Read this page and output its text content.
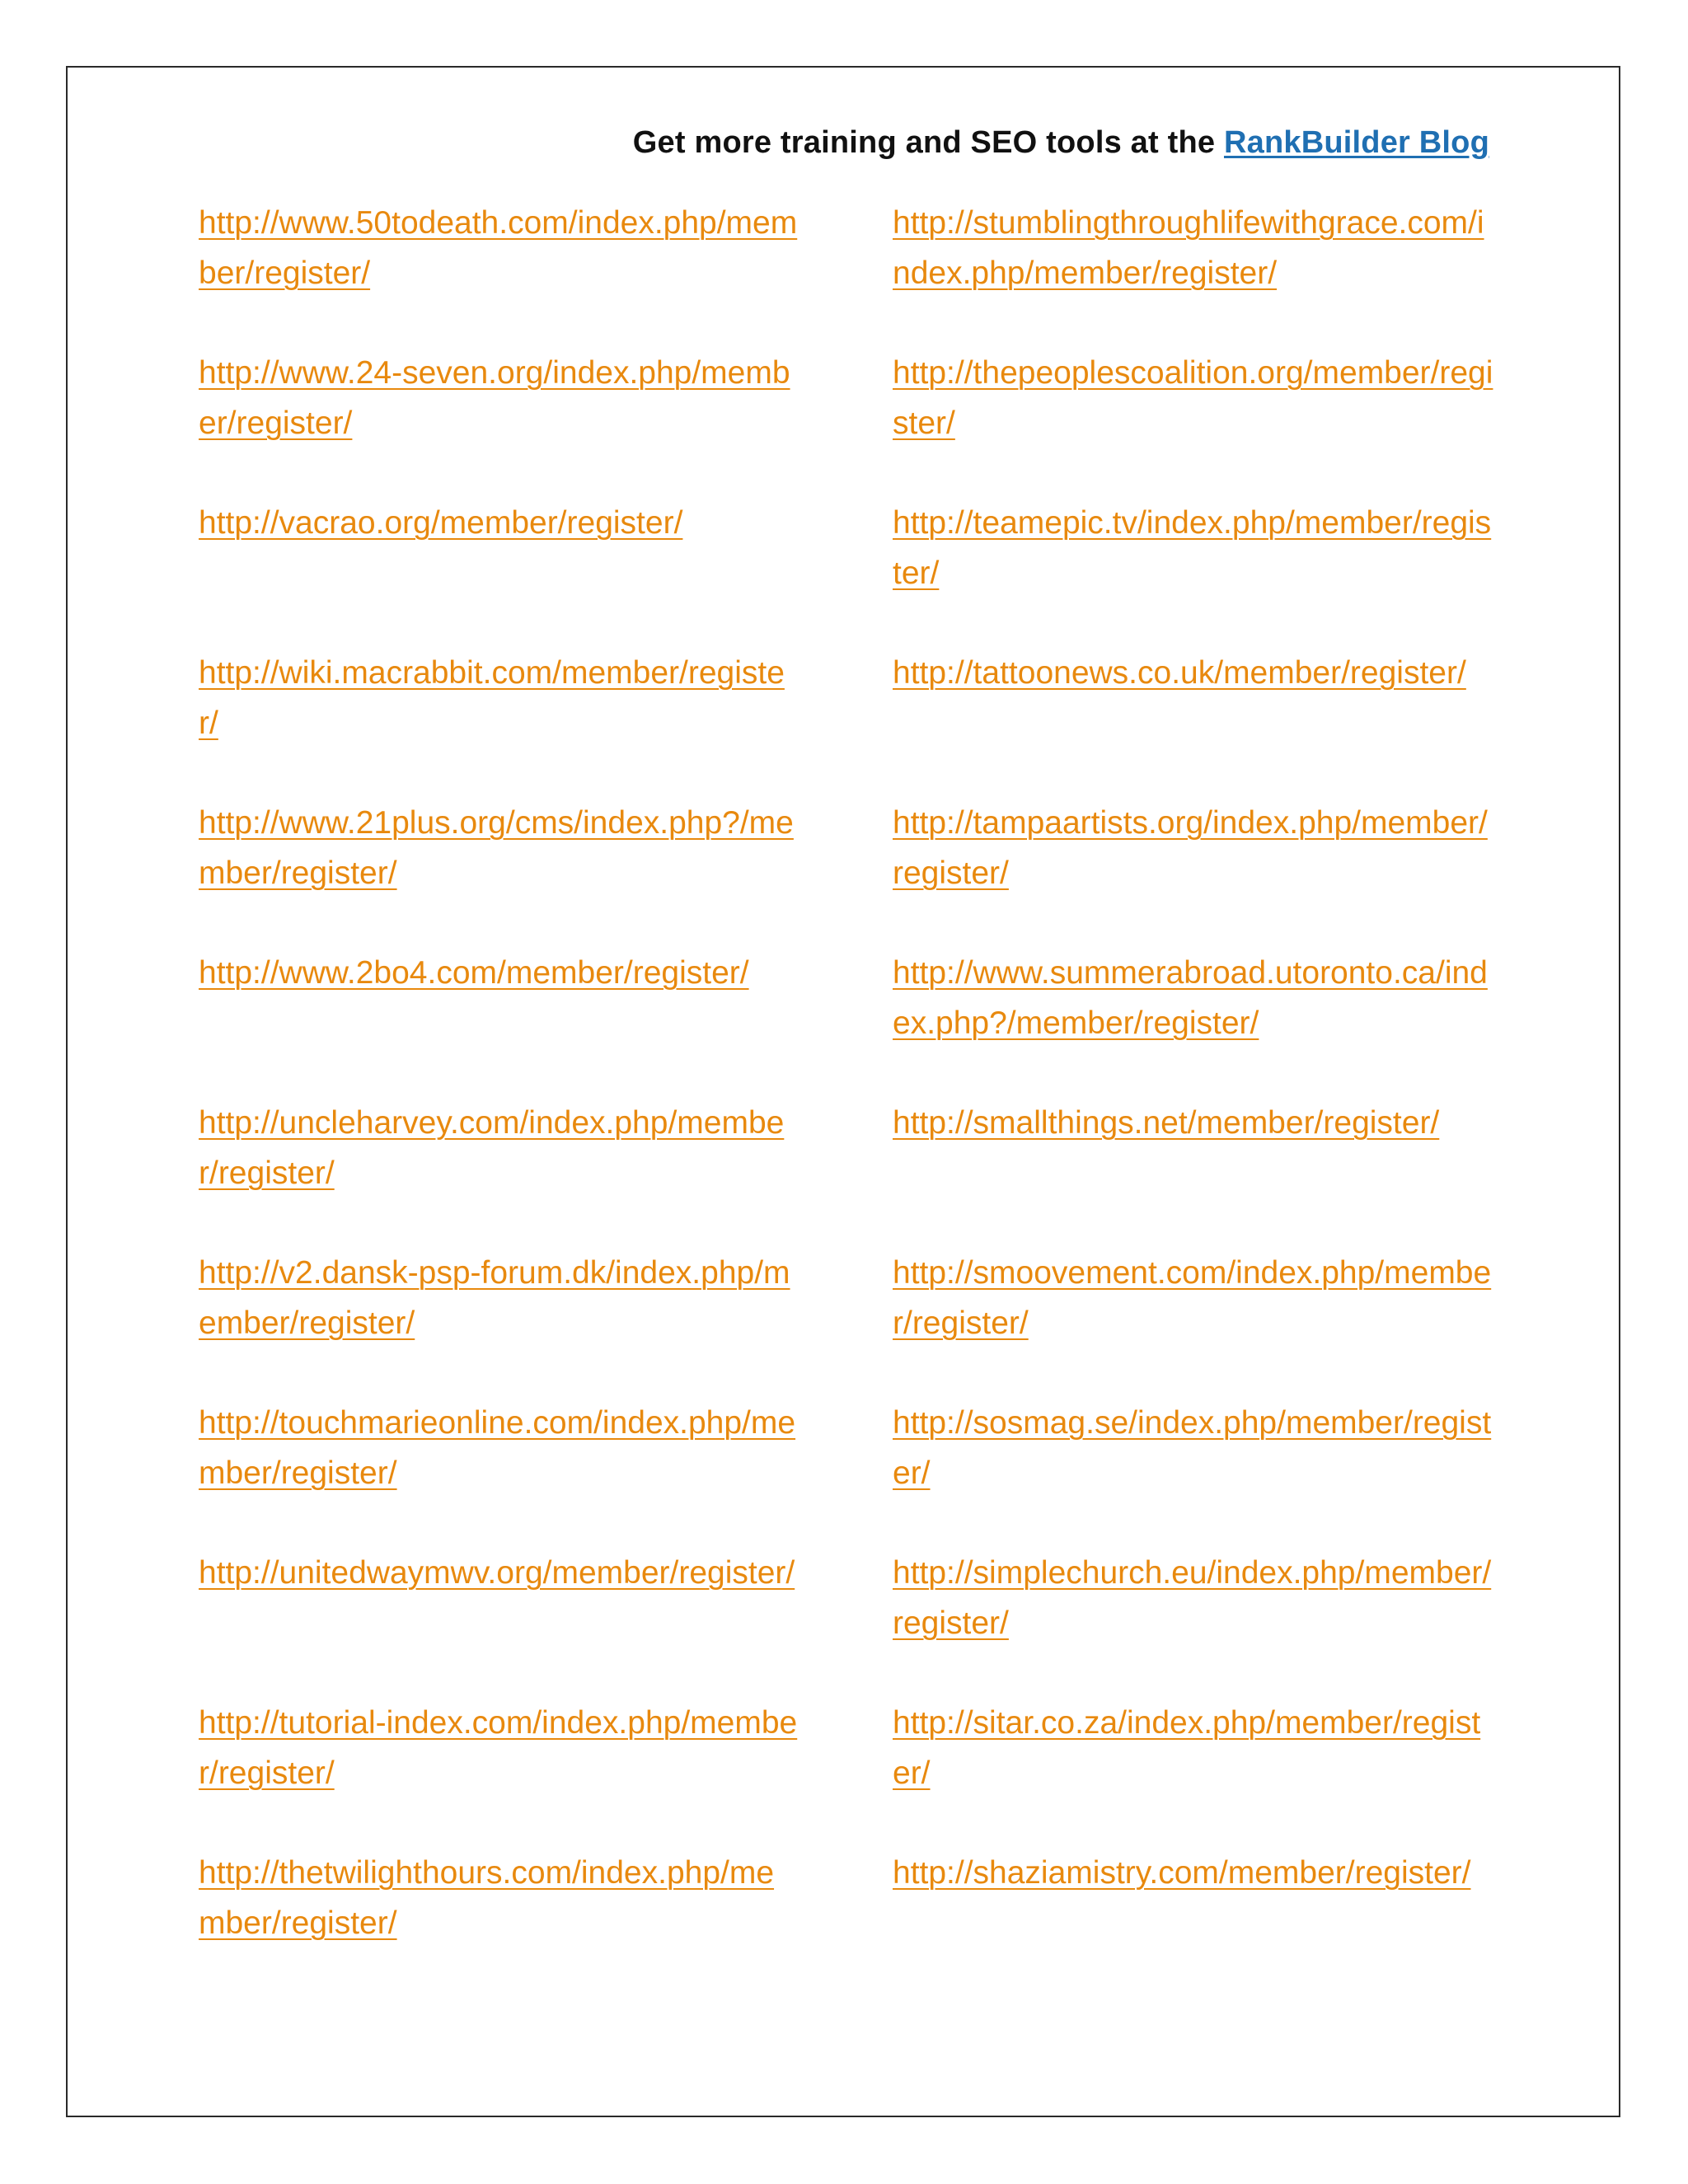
Get more training and SEO tools at the RankBuilder Blog
http://www.50todeath.com/index.php/member/register/
http://www.24-seven.org/index.php/member/register/
http://vacrao.org/member/register/
http://wiki.macrabbit.com/member/register/
http://www.21plus.org/cms/index.php?/member/register/
http://www.2bo4.com/member/register/
http://uncleharvey.com/index.php/member/register/
http://v2.dansk-psp-forum.dk/index.php/member/register/
http://touchmarieonline.com/index.php/member/register/
http://unitedwaymwv.org/member/register/
http://tutorial-index.com/index.php/member/register/
http://thetwilighthours.com/index.php/member/register/
http://stumblingthroughlifewithgrace.com/index.php/member/register/
http://thepeoplescoalition.org/member/register/
http://teamepic.tv/index.php/member/register/
http://tattoonews.co.uk/member/register/
http://tampaartists.org/index.php/member/register/
http://www.summerabroad.utoronto.ca/index.php?/member/register/
http://smallthings.net/member/register/
http://smoovement.com/index.php/member/register/
http://sosmag.se/index.php/member/register/
http://simplechurch.eu/index.php/member/register/
http://sitar.co.za/index.php/member/register/
http://shaziamistry.com/member/register/
